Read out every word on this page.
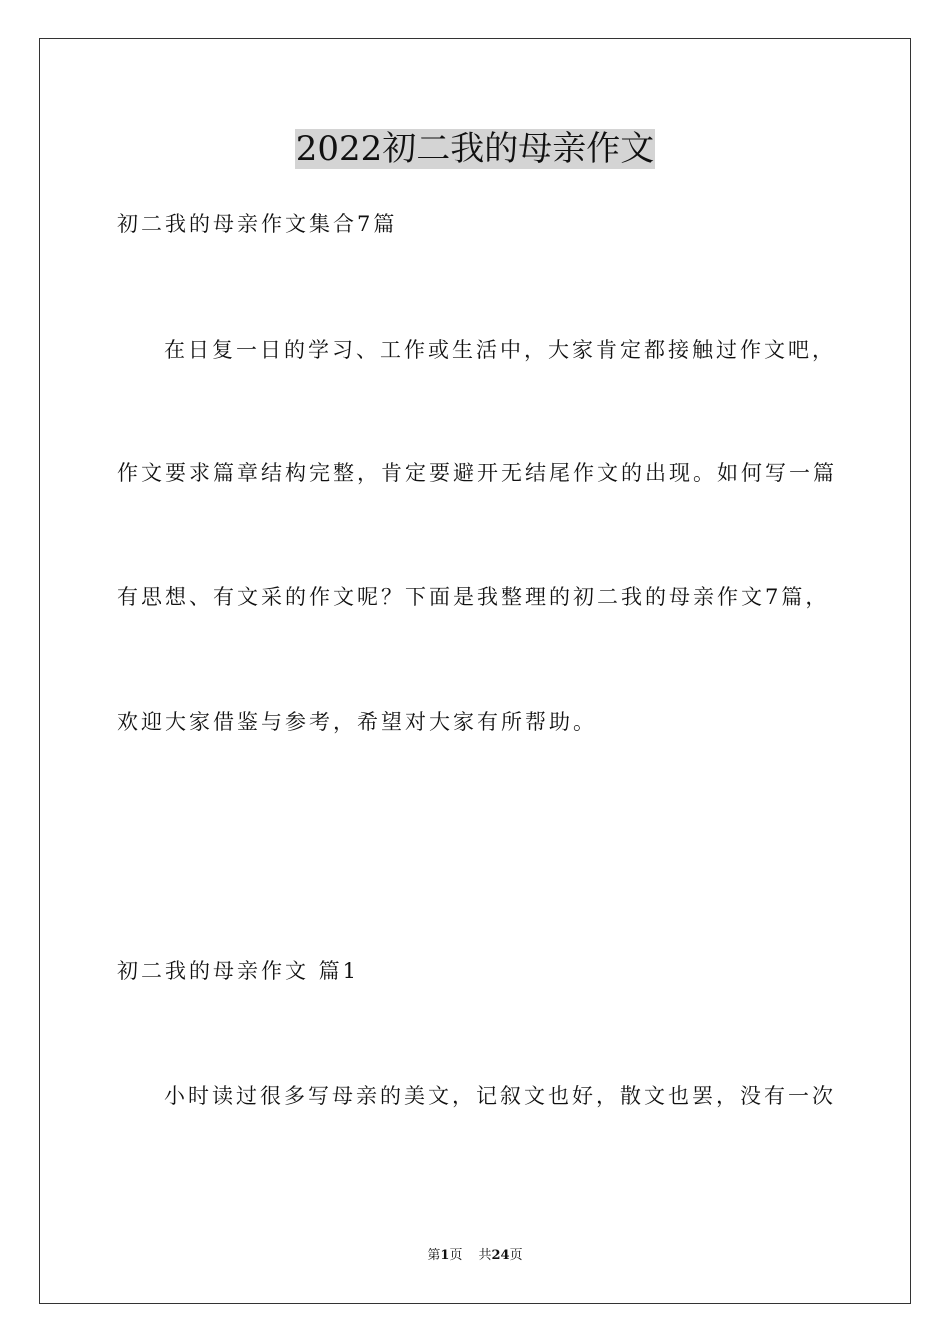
2022初二我的母亲作文
初二我的母亲作文集合7篇
在日复一日的学习、工作或生活中，大家肯定都接触过作文吧，
作文要求篇章结构完整，肯定要避开无结尾作文的出现。如何写一篇
有思想、有文采的作文呢？下面是我整理的初二我的母亲作文7篇，
欢迎大家借鉴与参考，希望对大家有所帮助。
初二我的母亲作文 篇1
小时读过很多写母亲的美文，记叙文也好，散文也罢，没有一次
第1页 共24页
